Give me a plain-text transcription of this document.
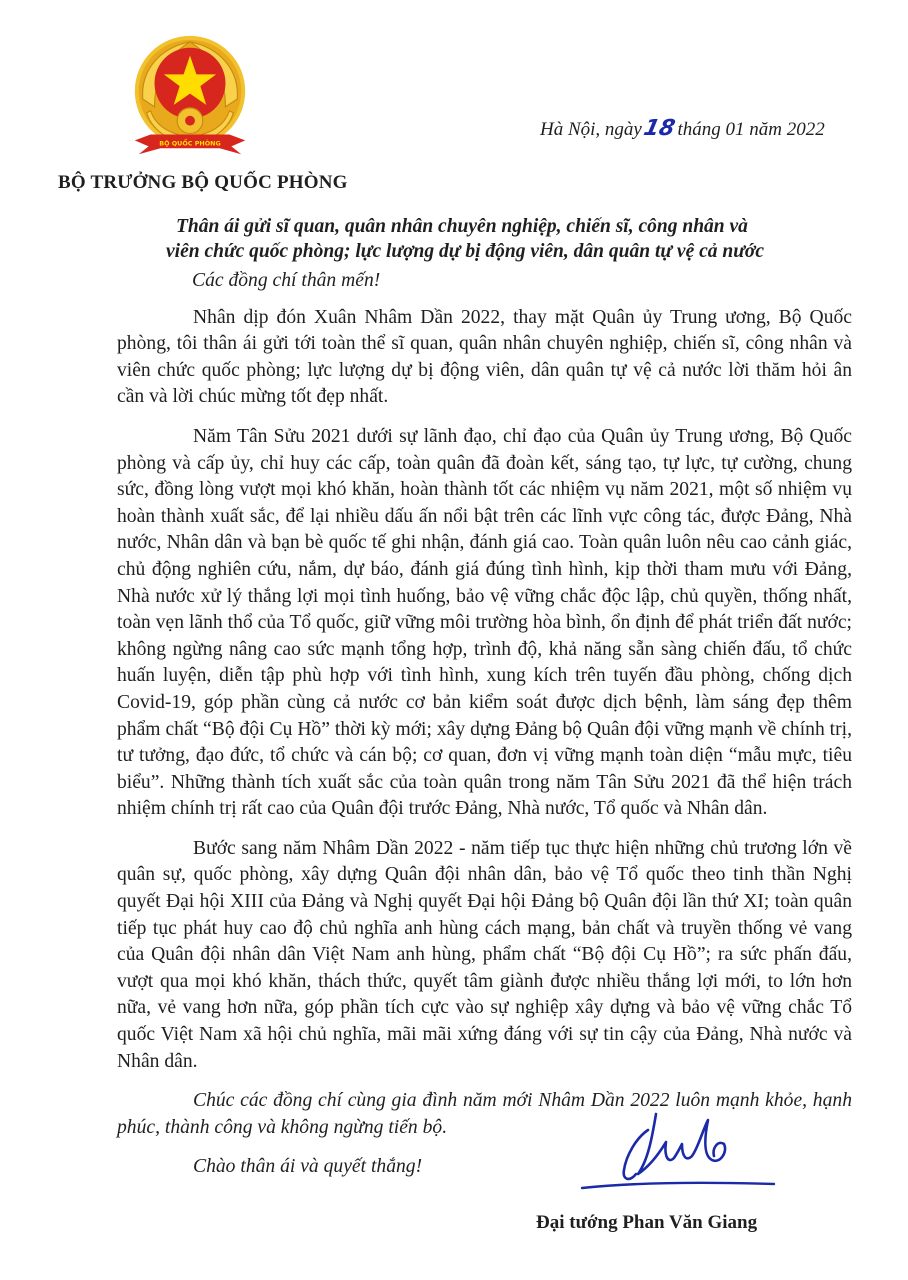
BỘ QUỐC PHÒNG
Hà Nội, ngày18tháng 01 năm 2022
BỘ TRƯỞNG BỘ QUỐC PHÒNG
Thân ái gửi sĩ quan, quân nhân chuyên nghiệp, chiến sĩ, công nhân và
viên chức quốc phòng; lực lượng dự bị động viên, dân quân tự vệ cả nước

Các đồng chí thân mến!

Nhân dịp đón Xuân Nhâm Dần 2022, thay mặt Quân ủy Trung ương, Bộ Quốc phòng, tôi thân ái gửi tới toàn thể sĩ quan, quân nhân chuyên nghiệp, chiến sĩ, công nhân và viên chức quốc phòng; lực lượng dự bị động viên, dân quân tự vệ cả nước lời thăm hỏi ân cần và lời chúc mừng tốt đẹp nhất.

Năm Tân Sửu 2021 dưới sự lãnh đạo, chỉ đạo của Quân ủy Trung ương, Bộ Quốc phòng và cấp ủy, chỉ huy các cấp, toàn quân đã đoàn kết, sáng tạo, tự lực, tự cường, chung sức, đồng lòng vượt mọi khó khăn, hoàn thành tốt các nhiệm vụ năm 2021, một số nhiệm vụ hoàn thành xuất sắc, để lại nhiều dấu ấn nổi bật trên các lĩnh vực công tác, được Đảng, Nhà nước, Nhân dân và bạn bè quốc tế ghi nhận, đánh giá cao. Toàn quân luôn nêu cao cảnh giác, chủ động nghiên cứu, nắm, dự báo, đánh giá đúng tình hình, kịp thời tham mưu với Đảng, Nhà nước xử lý thắng lợi mọi tình huống, bảo vệ vững chắc độc lập, chủ quyền, thống nhất, toàn vẹn lãnh thổ của Tổ quốc, giữ vững môi trường hòa bình, ổn định để phát triển đất nước; không ngừng nâng cao sức mạnh tổng hợp, trình độ, khả năng sẵn sàng chiến đấu, tổ chức huấn luyện, diễn tập phù hợp với tình hình, xung kích trên tuyến đầu phòng, chống dịch Covid-19, góp phần cùng cả nước cơ bản kiểm soát được dịch bệnh, làm sáng đẹp thêm phẩm chất “Bộ đội Cụ Hồ” thời kỳ mới; xây dựng Đảng bộ Quân đội vững mạnh về chính trị, tư tưởng, đạo đức, tổ chức và cán bộ; cơ quan, đơn vị vững mạnh toàn diện “mẫu mực, tiêu biểu”. Những thành tích xuất sắc của toàn quân trong năm Tân Sửu 2021 đã thể hiện trách nhiệm chính trị rất cao của Quân đội trước Đảng, Nhà nước, Tổ quốc và Nhân dân.

Bước sang năm Nhâm Dần 2022 - năm tiếp tục thực hiện những chủ trương lớn về quân sự, quốc phòng, xây dựng Quân đội nhân dân, bảo vệ Tổ quốc theo tinh thần Nghị quyết Đại hội XIII của Đảng và Nghị quyết Đại hội Đảng bộ Quân đội lần thứ XI; toàn quân tiếp tục phát huy cao độ chủ nghĩa anh hùng cách mạng, bản chất và truyền thống vẻ vang của Quân đội nhân dân Việt Nam anh hùng, phẩm chất “Bộ đội Cụ Hồ”; ra sức phấn đấu, vượt qua mọi khó khăn, thách thức, quyết tâm giành được nhiều thắng lợi mới, to lớn hơn nữa, vẻ vang hơn nữa, góp phần tích cực vào sự nghiệp xây dựng và bảo vệ vững chắc Tổ quốc Việt Nam xã hội chủ nghĩa, mãi mãi xứng đáng với sự tin cậy của Đảng, Nhà nước và Nhân dân.

Chúc các đồng chí cùng gia đình năm mới Nhâm Dần 2022 luôn mạnh khỏe, hạnh phúc, thành công và không ngừng tiến bộ.

Chào thân ái và quyết thắng!

Đại tướng Phan Văn Giang
